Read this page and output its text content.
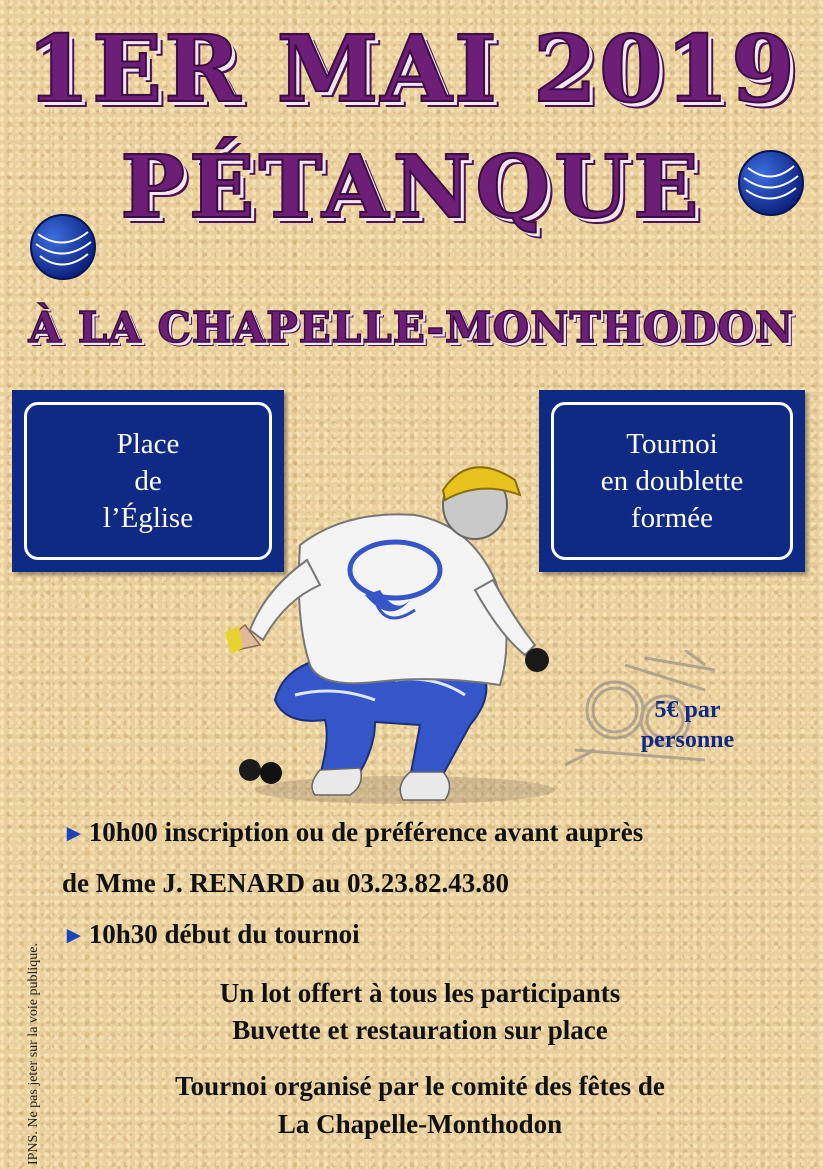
1ER MAI 2019
PÉTANQUE
À LA CHAPELLE-MONTHODON
Place
de
l’Église
Tournoi
en doublette
formée
5€ par
personne
IPNS. Ne pas jeter sur la voie publique.
► 10h00 inscription ou de préférence avant auprès
de Mme J. RENARD au 03.23.82.43.80
► 10h30 début du tournoi
Un lot offert à tous les participants
Buvette et restauration sur place
Tournoi organisé par le comité des fêtes de
La Chapelle-Monthodon
